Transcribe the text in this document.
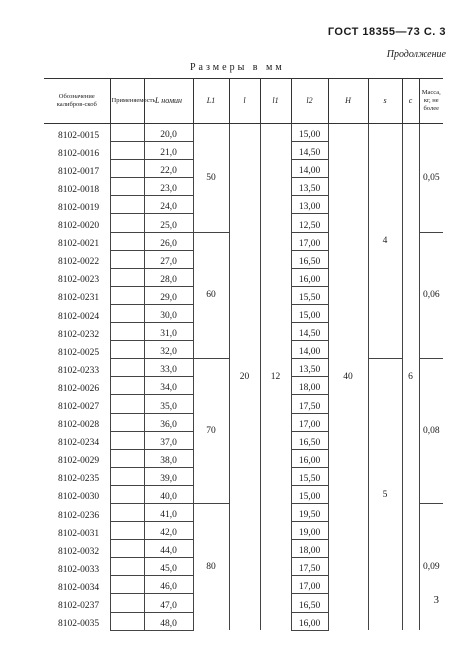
ГОСТ 18355—73 С. 3
Продолжение
Размеры в мм
Обозначение калибров-скоб	Применяемость	L номин	L1	l	l1	l2	H	s	c	Масса, кг, не более
8102-0015		20,0	50	20	12	15,00	40	4	6	0,05
8102-0016		21,0				14,50				
8102-0017		22,0				14,00				
8102-0018		23,0				13,50				
8102-0019		24,0				13,00				
8102-0020		25,0				12,50				
8102-0021		26,0	60			17,00				0,06
8102-0022		27,0				16,50				
8102-0023		28,0				16,00				
8102-0231		29,0				15,50				
8102-0024		30,0				15,00				
8102-0232		31,0				14,50				
8102-0025		32,0				14,00				
8102-0233		33,0	70			13,50		5		0,08
8102-0026		34,0				18,00				
8102-0027		35,0				17,50				
8102-0028		36,0				17,00				
8102-0234		37,0				16,50				
8102-0029		38,0				16,00				
8102-0235		39,0				15,50				
8102-0030		40,0				15,00				
8102-0236		41,0	80			19,50				0,09
8102-0031		42,0				19,00				
8102-0032		44,0				18,00				
8102-0033		45,0				17,50				
8102-0034		46,0				17,00				
8102-0237		47,0				16,50				
8102-0035		48,0				16,00				
3
